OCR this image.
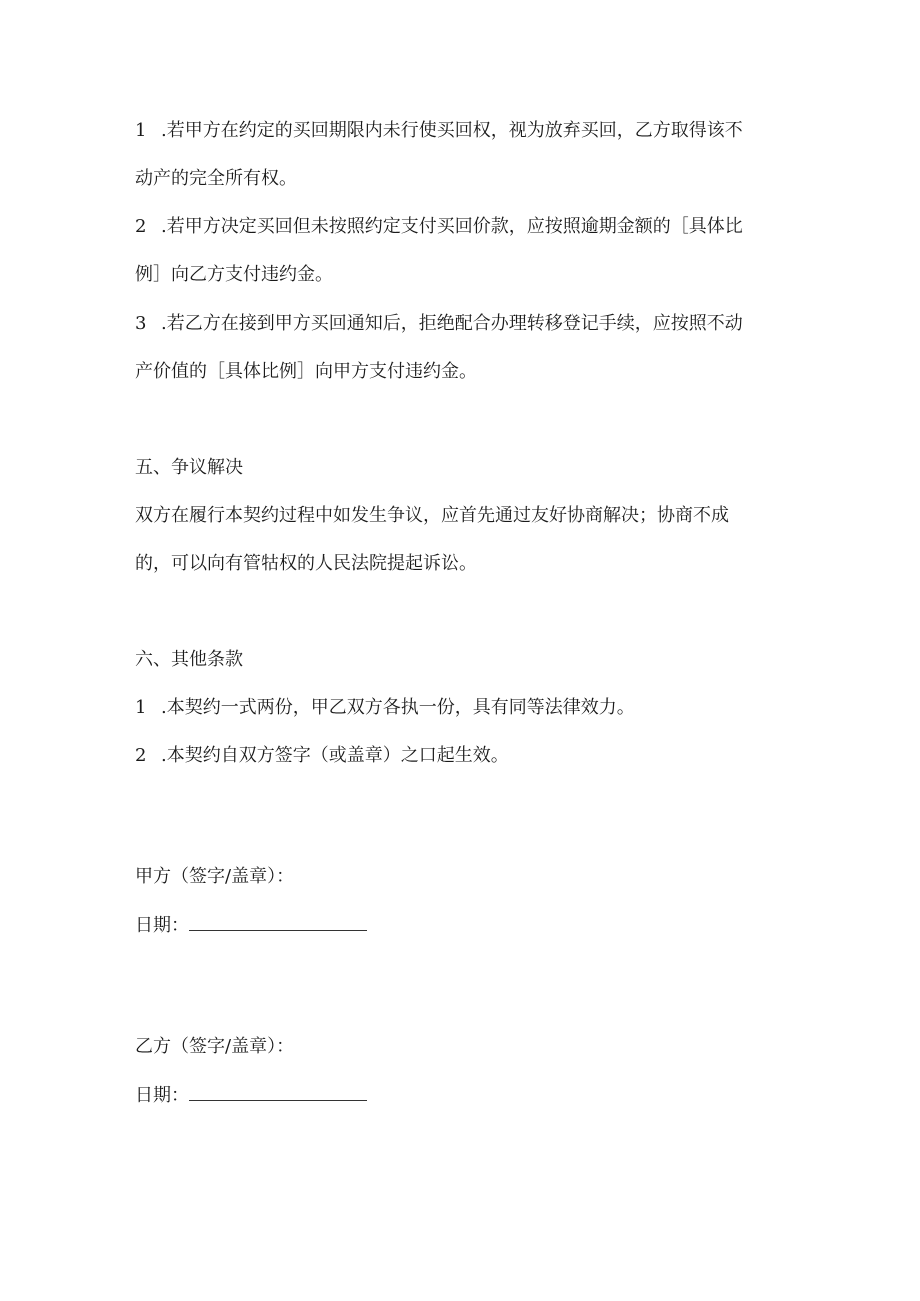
1 .若甲方在约定的买回期限内未行使买回权，视为放弃买回，乙方取得该不
动产的完全所有权。
2 .若甲方决定买回但未按照约定支付买回价款，应按照逾期金额的［具体比
例］向乙方支付违约金。
3 .若乙方在接到甲方买回通知后，拒绝配合办理转移登记手续，应按照不动
产价值的［具体比例］向甲方支付违约金。
五、争议解决
双方在履行本契约过程中如发生争议，应首先通过友好协商解决；协商不成
的，可以向有管牯权的人民法院提起诉讼。
六、其他条款
1 .本契约一式两份，甲乙双方各执一份，具有同等法律效力。
2 .本契约自双方签字（或盖章）之口起生效。
甲方（签字/盖章）：
日期：
乙方（签字/盖章）：
日期：
